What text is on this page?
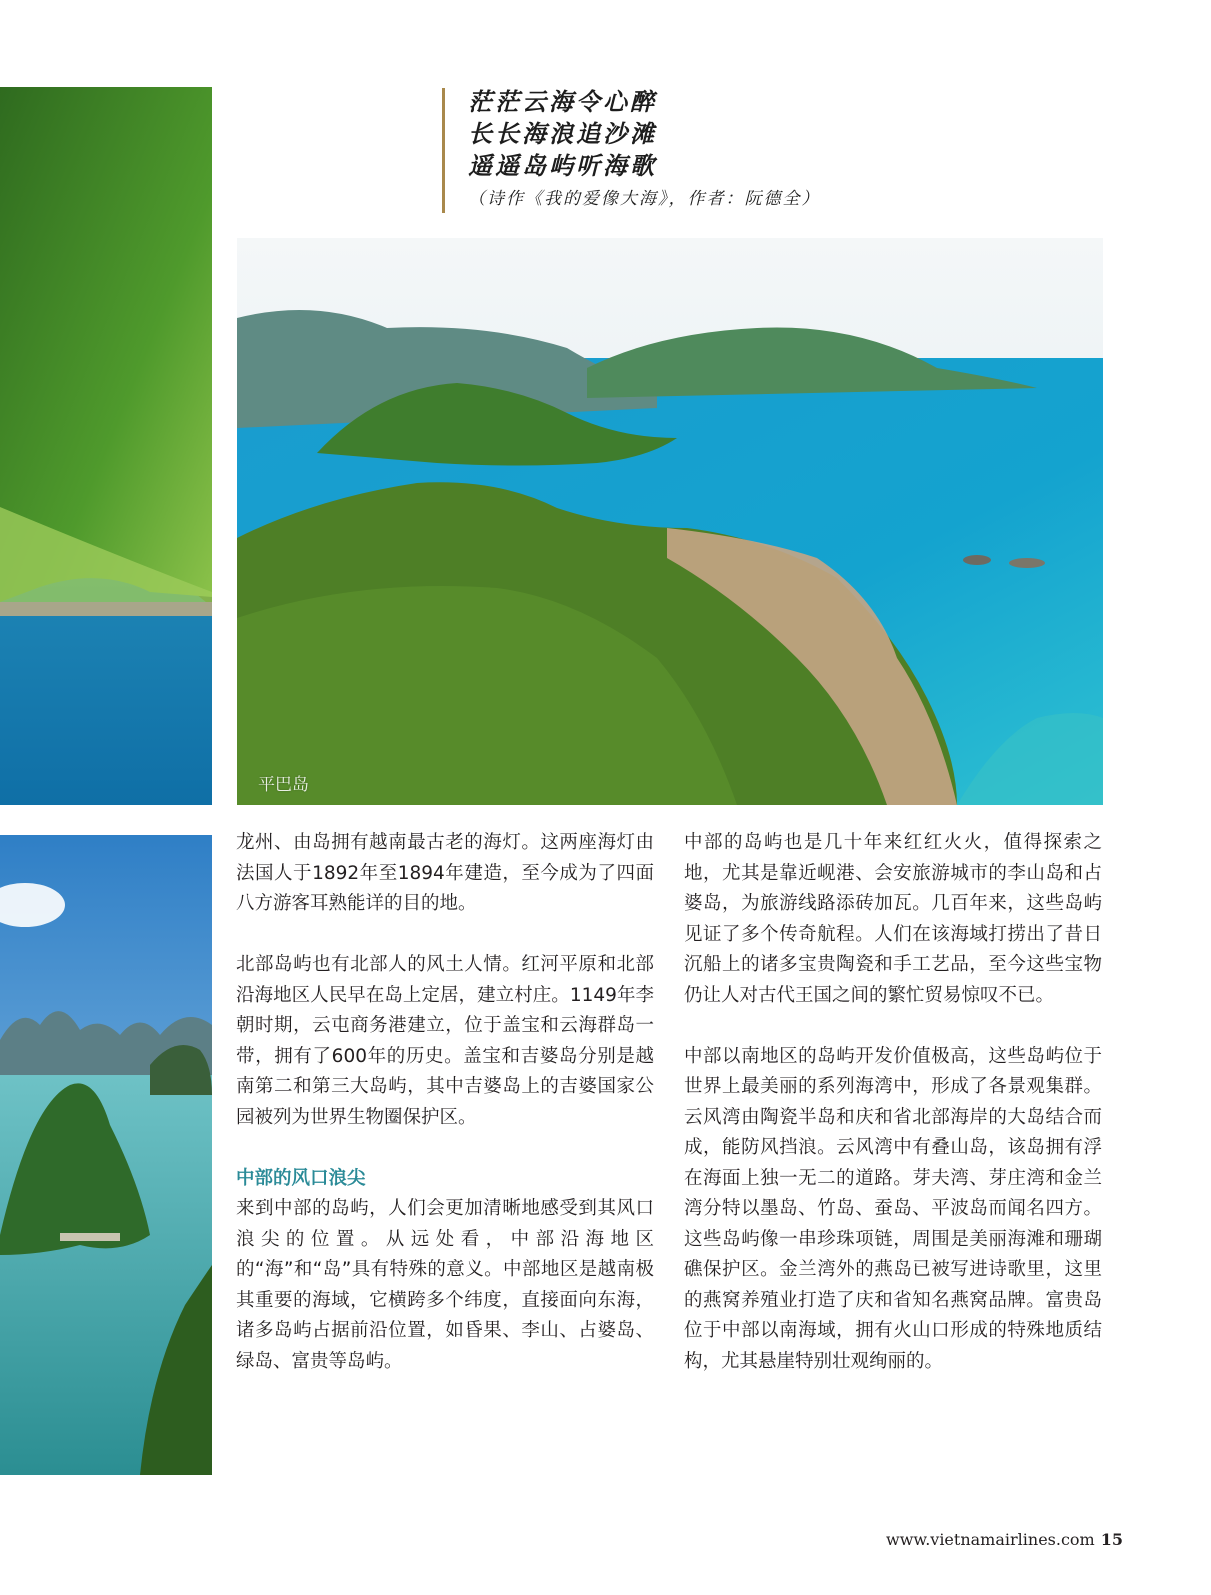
平巴岛
茫茫云海令心醉
长长海浪追沙滩
遥遥岛屿听海歌
（诗作《我的爱像大海》，作者：阮德全）

龙州、由岛拥有越南最古老的海灯。这两座海灯由法国人于1892年至1894年建造，至今成为了四面八方游客耳熟能详的目的地。

北部岛屿也有北部人的风土人情。红河平原和北部沿海地区人民早在岛上定居，建立村庄。1149年李朝时期，云屯商务港建立，位于盖宝和云海群岛一带，拥有了600年的历史。盖宝和吉婆岛分别是越南第二和第三大岛屿，其中吉婆岛上的吉婆国家公园被列为世界生物圈保护区。

中部的风口浪尖

来到中部的岛屿，人们会更加清晰地感受到其风口浪尖的位置。从远处看，中部沿海地区的“海”和“岛”具有特殊的意义。中部地区是越南极其重要的海域，它横跨多个纬度，直接面向东海，诸多岛屿占据前沿位置，如昏果、李山、占婆岛、绿岛、富贵等岛屿。

中部的岛屿也是几十年来红红火火，值得探索之地，尤其是靠近岘港、会安旅游城市的李山岛和占婆岛，为旅游线路添砖加瓦。几百年来，这些岛屿见证了多个传奇航程。人们在该海域打捞出了昔日沉船上的诸多宝贵陶瓷和手工艺品，至今这些宝物仍让人对古代王国之间的繁忙贸易惊叹不已。

中部以南地区的岛屿开发价值极高，这些岛屿位于世界上最美丽的系列海湾中，形成了各景观集群。云风湾由陶瓷半岛和庆和省北部海岸的大岛结合而成，能防风挡浪。云风湾中有叠山岛，该岛拥有浮在海面上独一无二的道路。芽夫湾、芽庄湾和金兰湾分特以墨岛、竹岛、蚕岛、平波岛而闻名四方。这些岛屿像一串珍珠项链，周围是美丽海滩和珊瑚礁保护区。金兰湾外的燕岛已被写进诗歌里，这里的燕窝养殖业打造了庆和省知名燕窝品牌。富贵岛位于中部以南海域，拥有火山口形成的特殊地质结构，尤其悬崖特别壮观绚丽的。

www.vietnamairlines.com 15
